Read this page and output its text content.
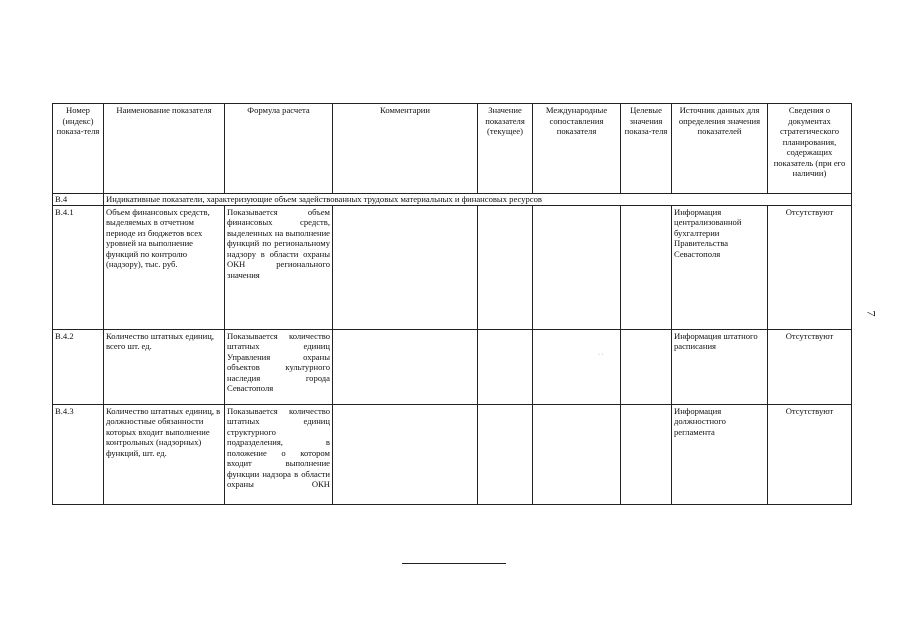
Номер (индекс) показа-теля	Наименование показателя	Формула расчета	Комментарии	Значение показателя (текущее)	Международные сопоставления показателя	Целевые значения показа-теля	Источник данных для определения значения показателей	Сведения о документах стратегического планирования, содержащих показатель (при его наличии)
В.4	Индикативные показатели, характеризующие объем задействованных трудовых материальных и финансовых ресурсов							
В.4.1	Объем финансовых средств, выделяемых в отчетном периоде из бюджетов всех уровней на выполнение функций по контролю (надзору), тыс. руб.	Показывается объем финансовых средств, выделенных на выполнение функций по региональному надзору в области охраны ОКН регионального значения					Информация централизованной бухгалтерии Правительства Севастополя	Отсутствуют
В.4.2	Количество штатных единиц, всего шт. ед.	Показывается количество штатных единиц Управления охраны объектов культурного наследия города Севастополя					Информация штатного расписания	Отсутствуют
В.4.3	Количество штатных единиц, в должностные обязанности которых входит выполнение контрольных (надзорных) функций, шт. ед.	Показывается количество штатных единиц структурного подразделения, в положение о котором входит выполнение функции надзора в области охраны ОКН					Информация должностного регламента	Отсутствуют
· ·
7
